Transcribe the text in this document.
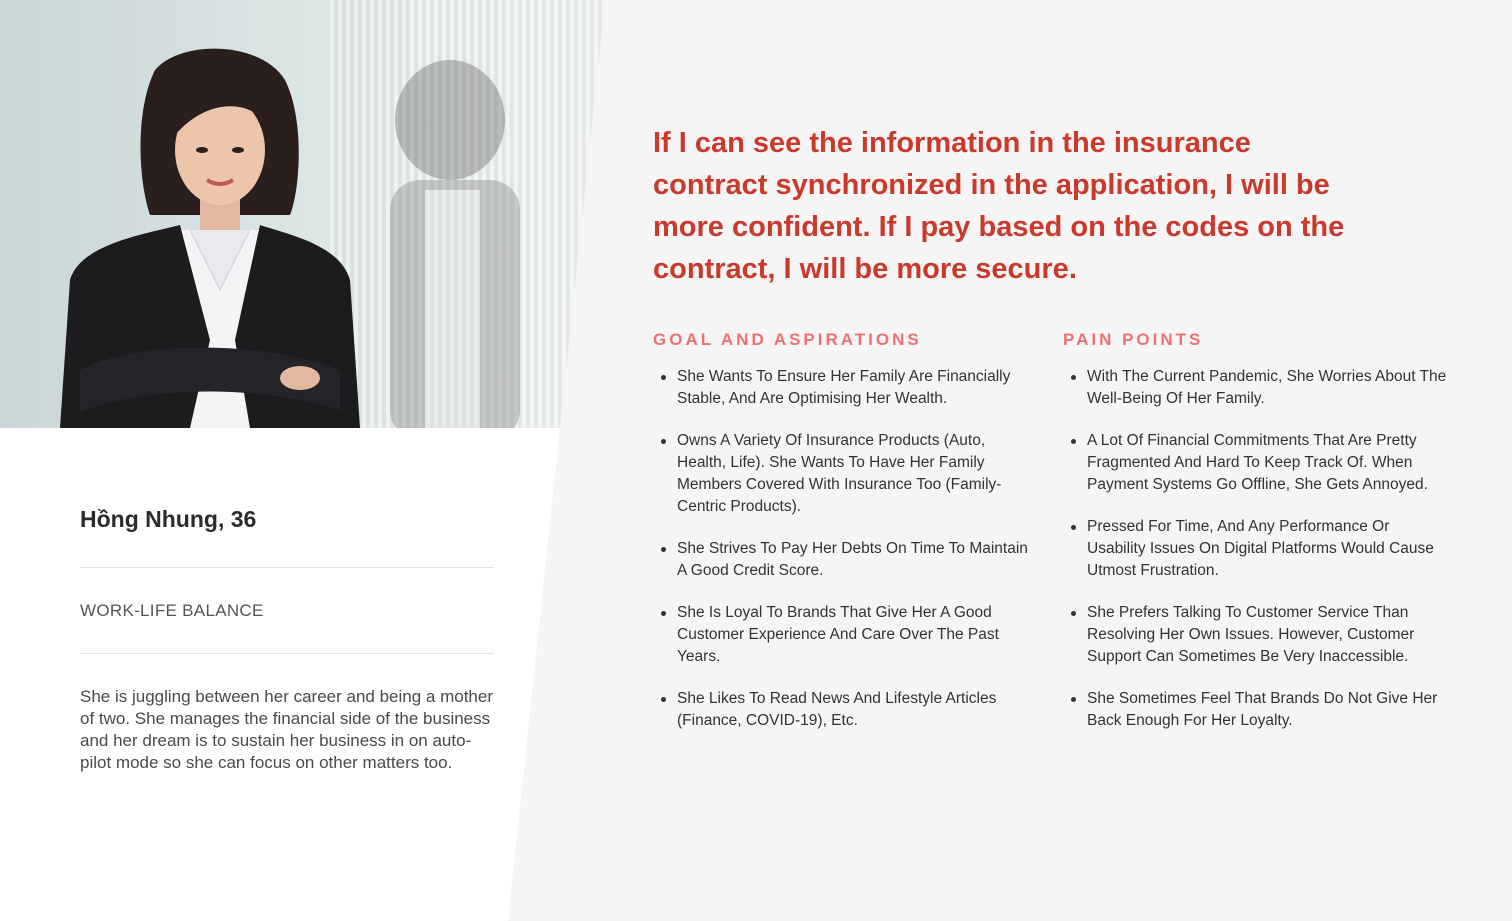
Hồng Nhung, 36
WORK-LIFE BALANCE
She is juggling between her career and being a mother of two. She manages the financial side of the business and her dream is to sustain her business in on auto-pilot mode so she can focus on other matters too.
If I can see the information in the insurance contract synchronized in the application, I will be more confident. If I pay based on the codes on the contract, I will be more secure.
GOAL AND ASPIRATIONS
She Wants To Ensure Her Family Are Financially Stable, And Are Optimising Her Wealth.
Owns A Variety Of Insurance Products (Auto, Health, Life). She Wants To Have Her Family Members Covered With Insurance Too (Family-Centric Products).
She Strives To Pay Her Debts On Time To Maintain A Good Credit Score.
She Is Loyal To Brands That Give Her A Good Customer Experience And Care Over The Past Years.
She Likes To Read News And Lifestyle Articles (Finance, COVID-19), Etc.
PAIN POINTS
With The Current Pandemic, She Worries About The Well-Being Of Her Family.
A Lot Of Financial Commitments That Are Pretty Fragmented And Hard To Keep Track Of. When Payment Systems Go Offline, She Gets Annoyed.
Pressed For Time, And Any Performance Or Usability Issues On Digital Platforms Would Cause Utmost Frustration.
She Prefers Talking To Customer Service Than Resolving Her Own Issues. However, Customer Support Can Sometimes Be Very Inaccessible.
She Sometimes Feel That Brands Do Not Give Her Back Enough For Her Loyalty.
